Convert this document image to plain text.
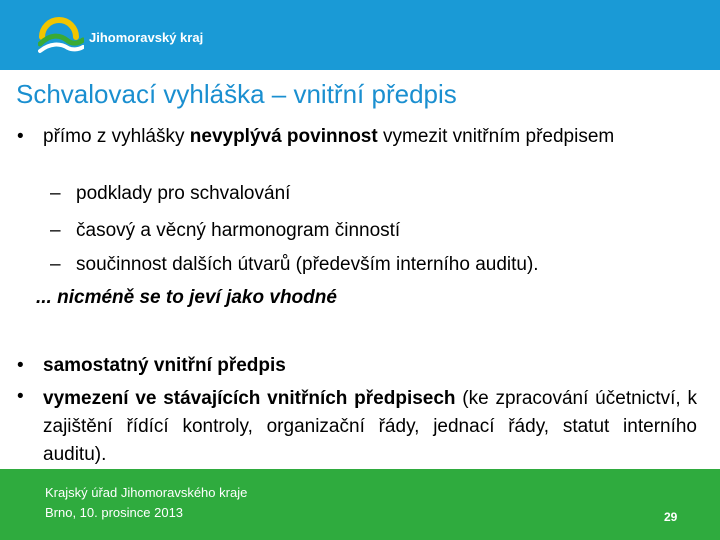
Jihomoravský kraj
Schvalovací vyhláška – vnitřní předpis
• přímo z vyhlášky nevyplývá povinnost vymezit vnitřním předpisem
– podklady pro schvalování
– časový a věcný harmonogram činností
– součinnost dalších útvarů (především interního auditu).
... nicméně se to jeví jako vhodné
• samostatný vnitřní předpis
• vymezení ve stávajících vnitřních předpisech (ke zpracování účetnictví, k zajištění řídící kontroly, organizační řády, jednací řády, statut interního auditu).
Krajský úřad Jihomoravského kraje
Brno, 10. prosince 2013	29
